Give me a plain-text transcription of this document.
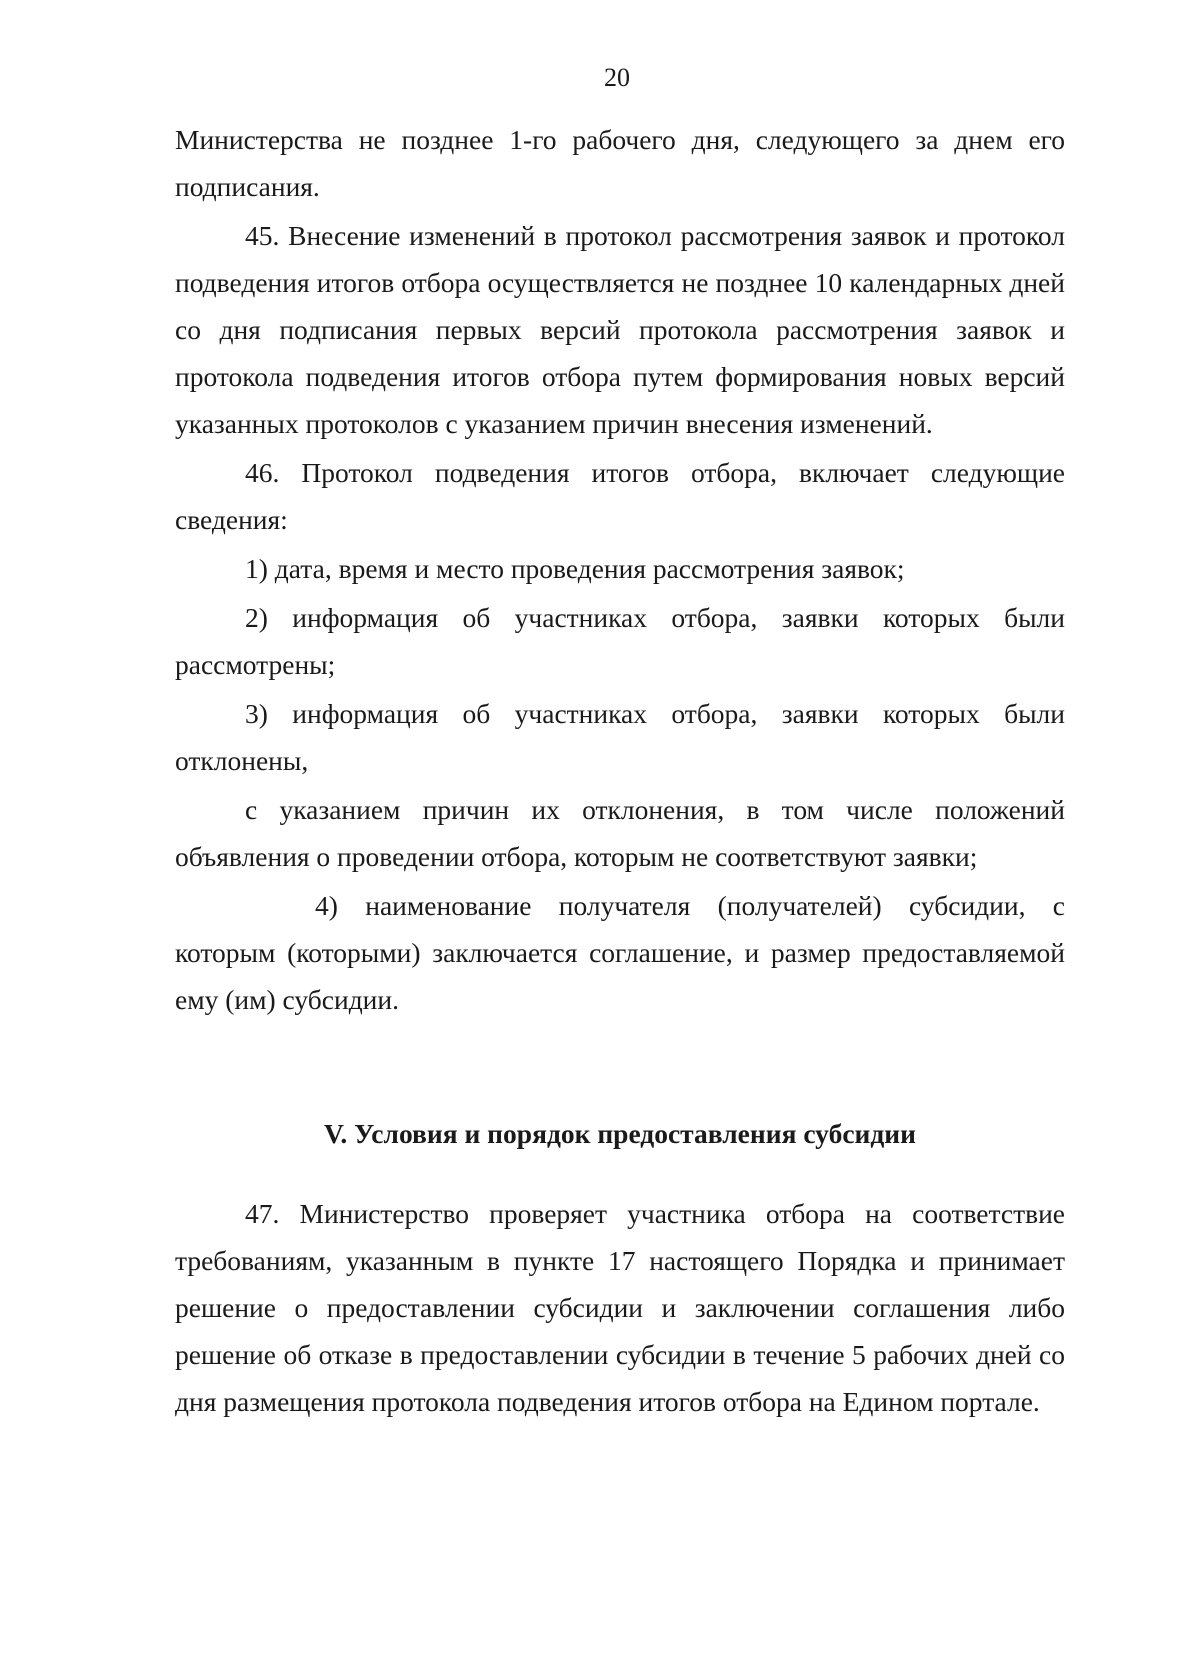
20

Министерства не позднее 1-го рабочего дня, следующего за днем его подписания.

45. Внесение изменений в протокол рассмотрения заявок и протокол подведения итогов отбора осуществляется не позднее 10 календарных дней со дня подписания первых версий протокола рассмотрения заявок и протокола подведения итогов отбора путем формирования новых версий указанных протоколов с указанием причин внесения изменений.

46. Протокол подведения итогов отбора, включает следующие сведения:

1) дата, время и место проведения рассмотрения заявок;

2) информация об участниках отбора, заявки которых были рассмотрены;

3) информация об участниках отбора, заявки которых были отклонены,

с указанием причин их отклонения, в том числе положений объявления о проведении отбора, которым не соответствуют заявки;

4) наименование получателя (получателей) субсидии, с которым (которыми) заключается соглашение, и размер предоставляемой ему (им) субсидии.

V. Условия и порядок предоставления субсидии

47. Министерство проверяет участника отбора на соответствие требованиям, указанным в пункте 17 настоящего Порядка и принимает решение о предоставлении субсидии и заключении соглашения либо решение об отказе в предоставлении субсидии в течение 5 рабочих дней со дня размещения протокола подведения итогов отбора на Едином портале.
